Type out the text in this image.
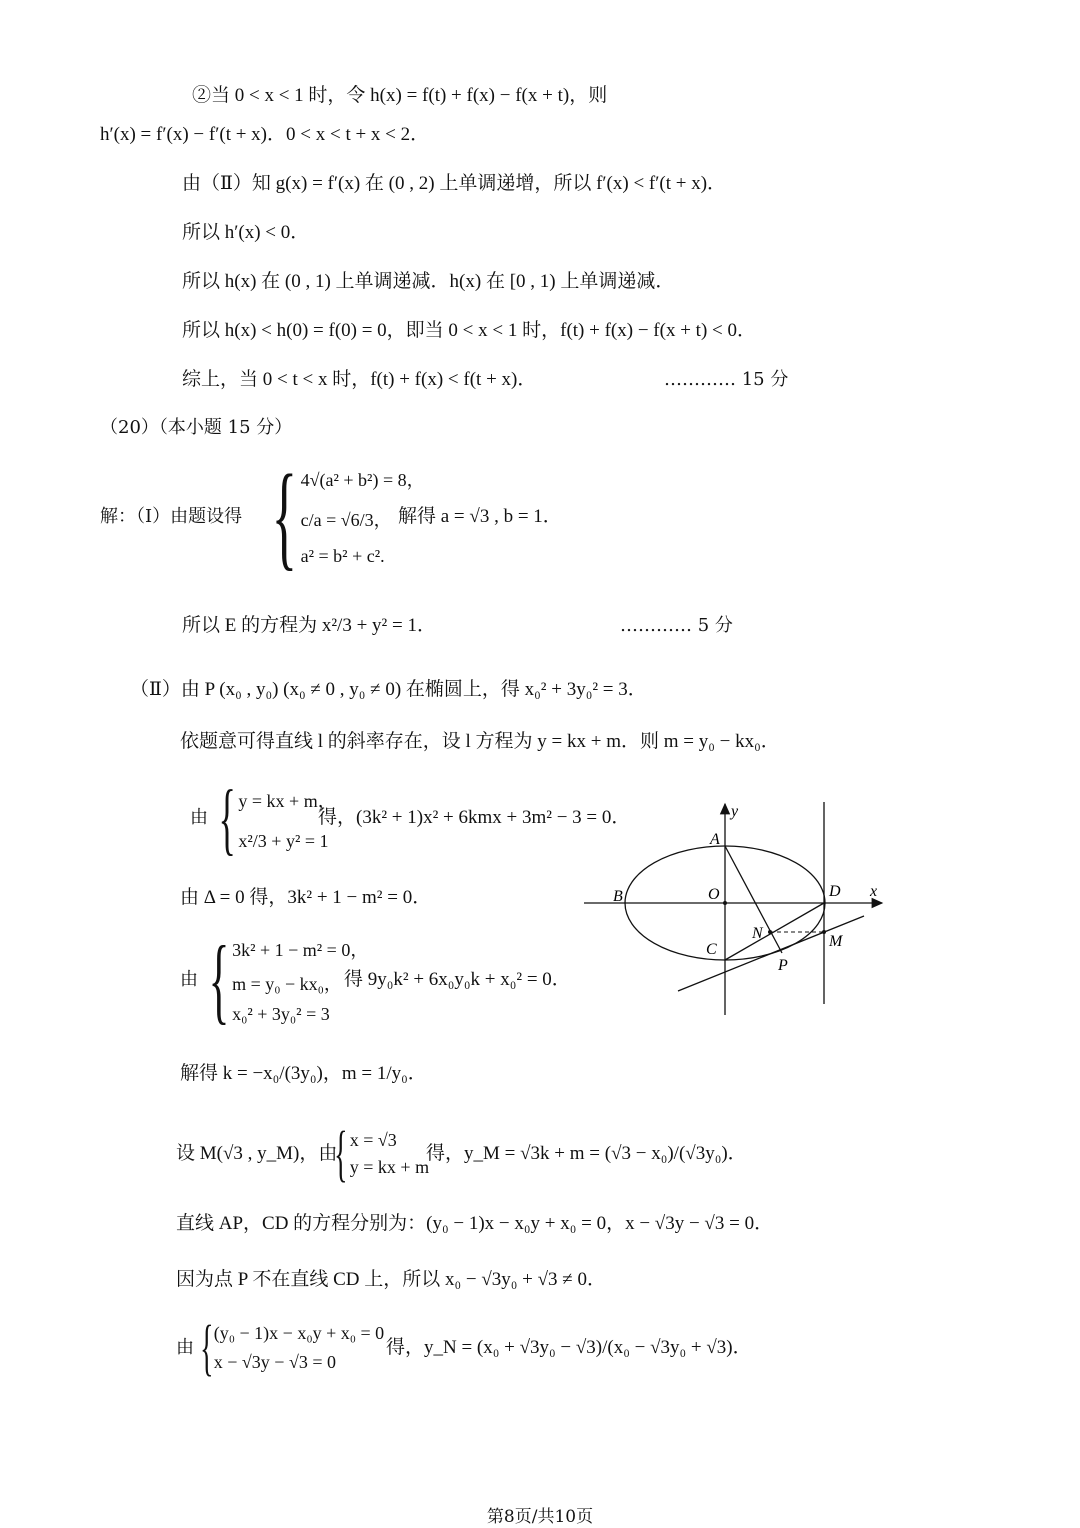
②当 0 < x < 1 时，令 h(x) = f(t) + f(x) − f(x + t)，则
h′(x) = f′(x) − f′(t + x)．0 < x < t + x < 2．
由（Ⅱ）知 g(x) = f′(x) 在 (0 , 2) 上单调递增，所以 f′(x) < f′(t + x)．
所以 h′(x) < 0．
所以 h(x) 在 (0 , 1) 上单调递减．h(x) 在 [0 , 1) 上单调递减．
所以 h(x) < h(0) = f(0) = 0，即当 0 < x < 1 时，f(t) + f(x) − f(x + t) < 0．
综上，当 0 < t < x 时，f(t) + f(x) < f(t + x)．	………… 15 分
（20）（本小题 15 分）
解：（Ⅰ）由题设得 { 4√(a² + b²) = 8，
c/a = √6/3，
a² = b² + c².
解得 a = √3 , b = 1．
所以 E 的方程为 x²/3 + y² = 1．	………… 5 分
（Ⅱ）由 P (x₀ , y₀) (x₀ ≠ 0 , y₀ ≠ 0) 在椭圆上，得 x₀² + 3y₀² = 3．
依题意可得直线 l 的斜率存在，设 l 方程为 y = kx + m．则 m = y₀ − kx₀．
由 { y = kx + m，
x²/3 + y² = 1
得，(3k² + 1)x² + 6kmx + 3m² − 3 = 0．
由 Δ = 0 得，3k² + 1 − m² = 0．
由 { 3k² + 1 − m² = 0，
m = y₀ − kx₀，
x₀² + 3y₀² = 3
得 9y₀k² + 6x₀y₀k + x₀² = 0．
解得 k = −x₀/(3y₀)，m = 1/y₀．
设 M(√3 , y_M)，由
{ x = √3
y = kx + m
得，y_M = √3k + m = (√3 − x₀)/(√3y₀)．
直线 AP，CD 的方程分别为：(y₀ − 1)x − x₀y + x₀ = 0，x − √3y − √3 = 0．
因为点 P 不在直线 CD 上，所以 x₀ − √3y₀ + √3 ≠ 0．
由 { (y₀ − 1)x − x₀y + x₀ = 0
x − √3y − √3 = 0
得，y_N = (x₀ + √3y₀ − √3)/(x₀ − √3y₀ + √3)．
y
x
A
B	O	D
C
N	M
P
第8页/共10页
